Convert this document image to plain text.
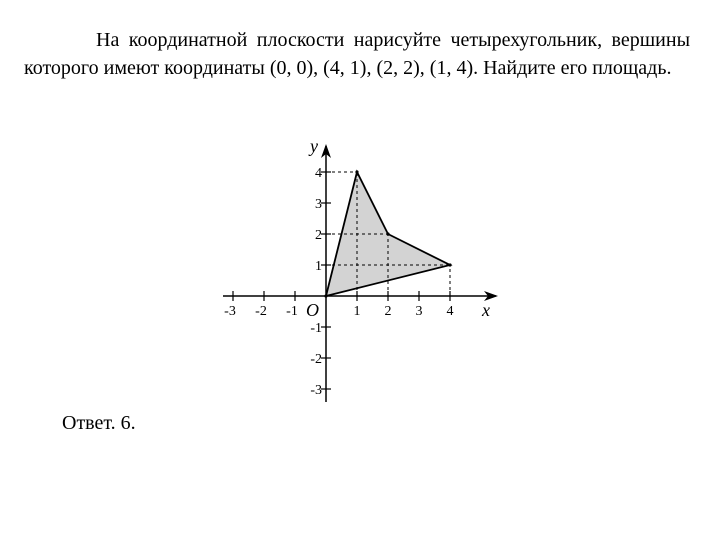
На координатной плоскости нарисуйте четырехугольник, вершины которого имеют координаты (0, 0), (4, 1), (2, 2), (1, 4). Найдите его площадь.

-3 -2 -1	1 2 3 4
-3
-2
-1
1
2
3
4
x
y
O

Ответ. 6.
